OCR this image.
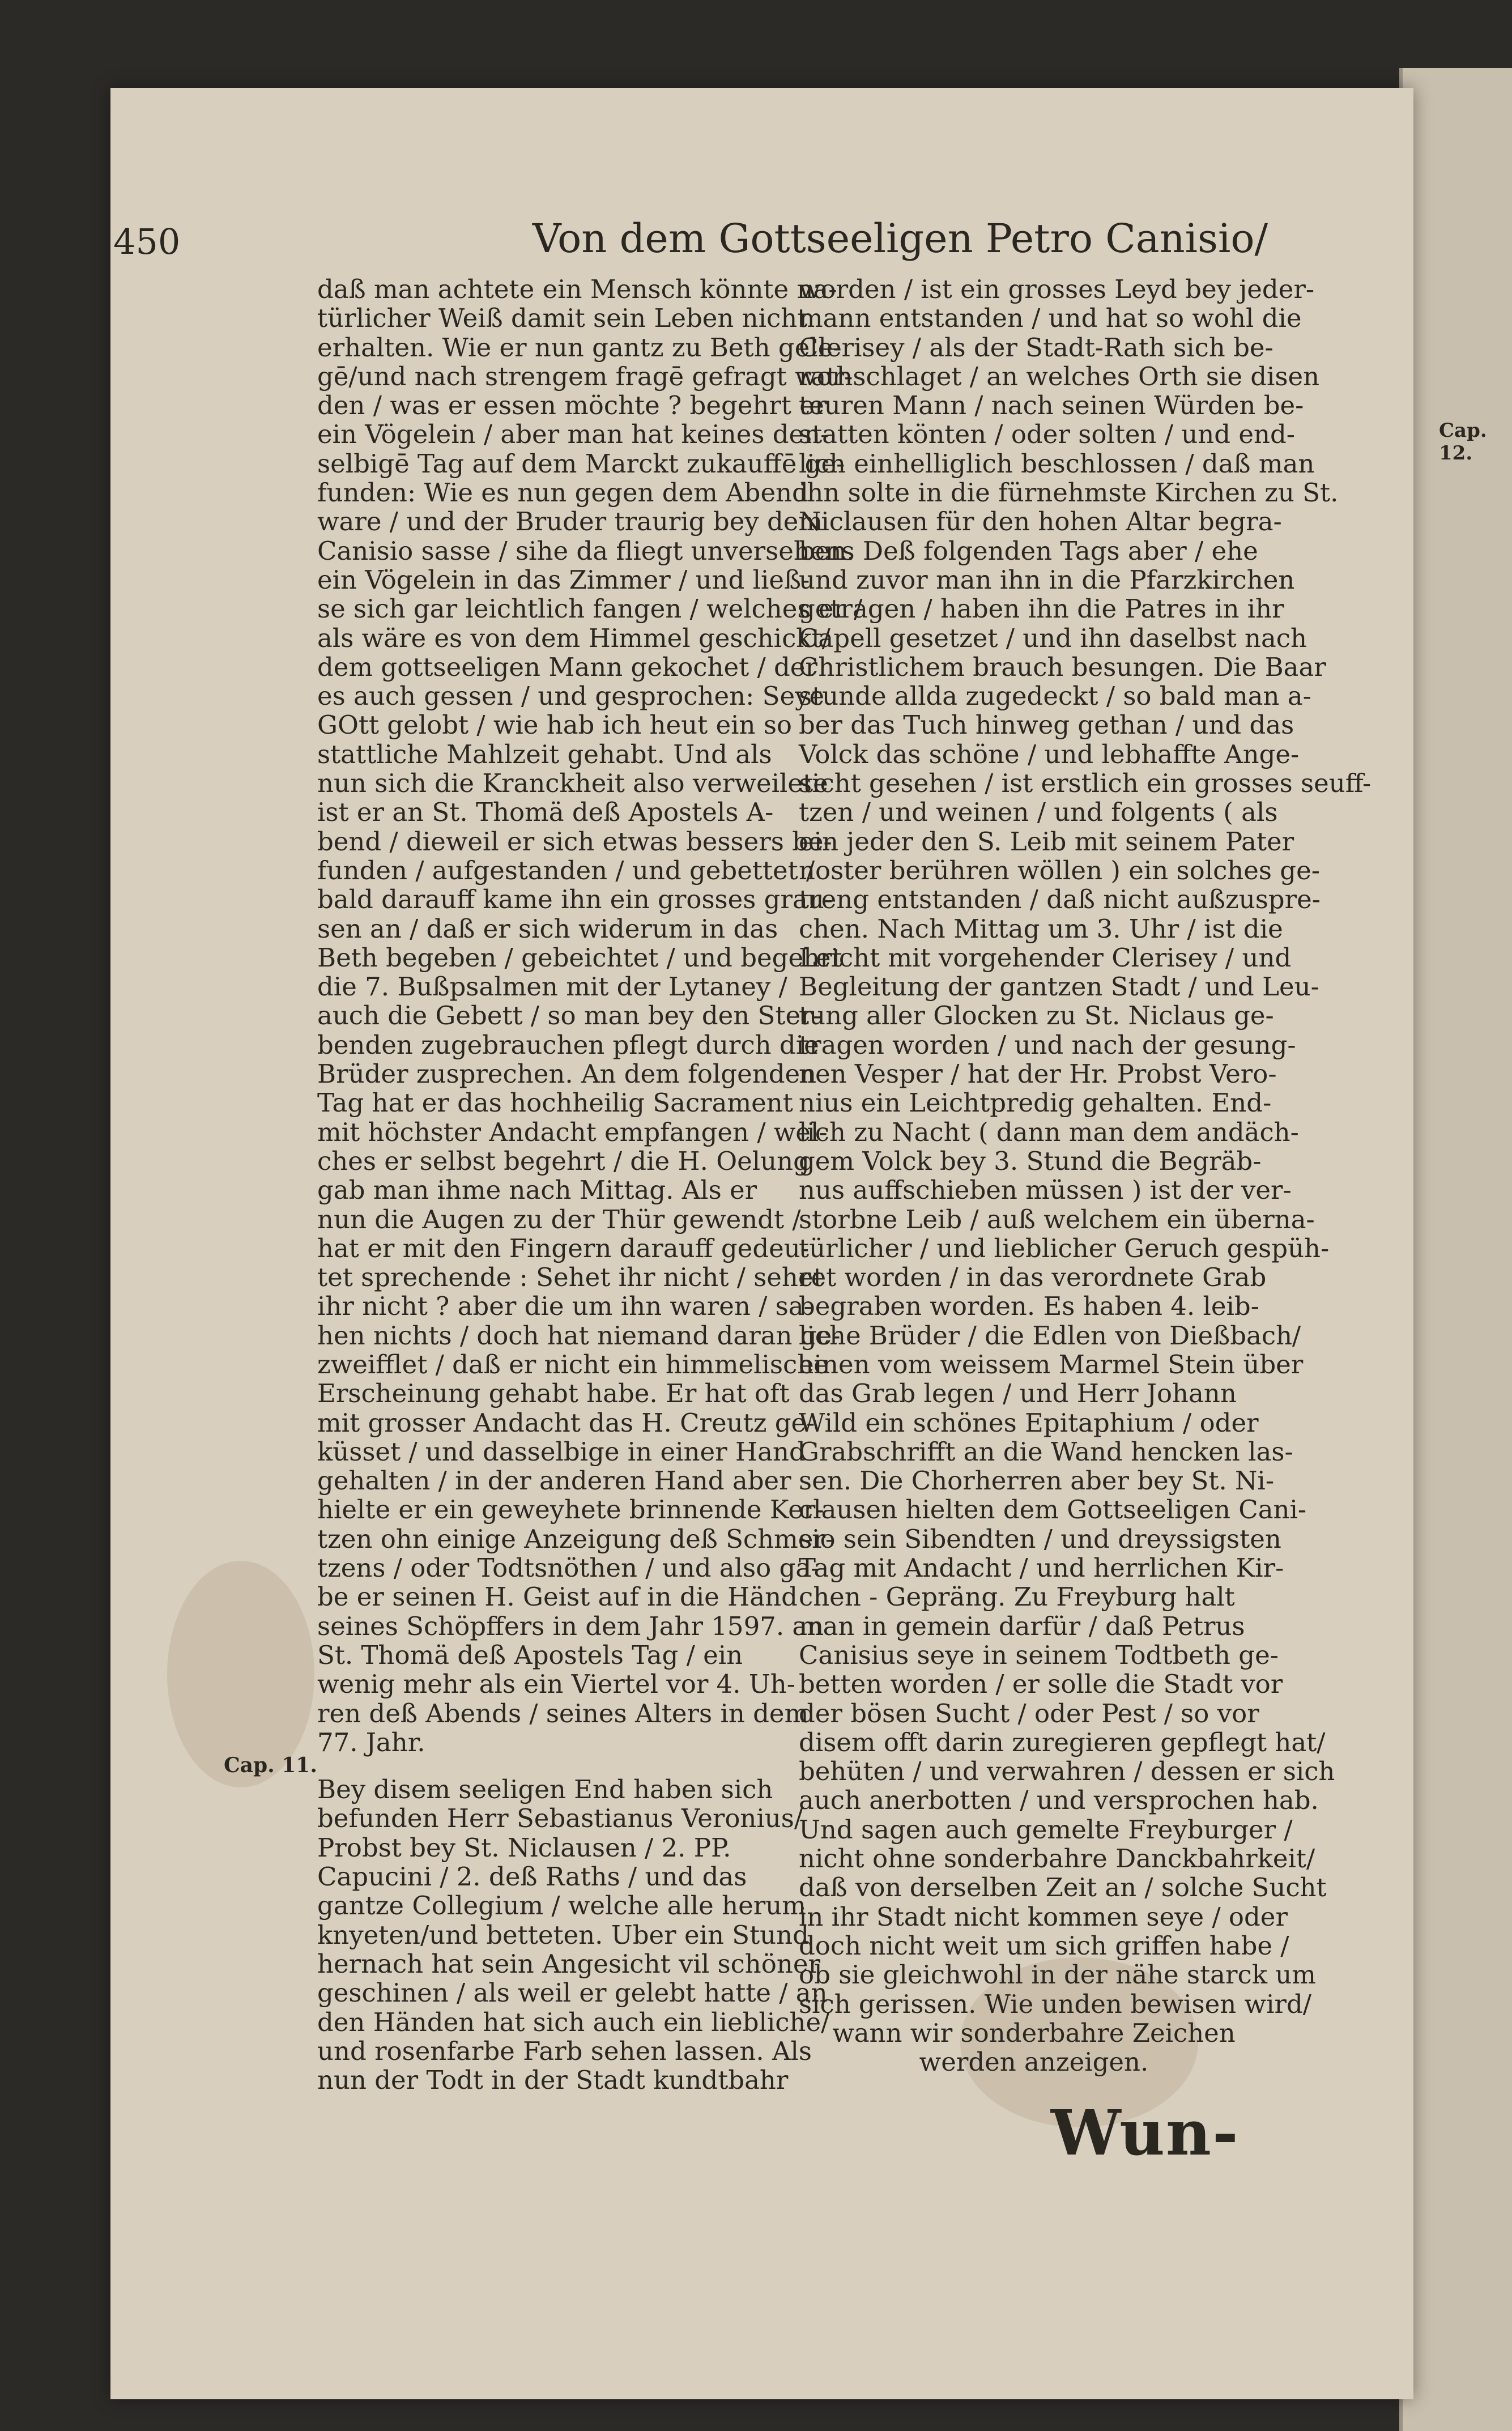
Cap. 12.
450	Von dem Gottseeligen Petro Canisio/
daß man achtete ein Mensch könnte na-
türlicher Weiß damit sein Leben nicht
erhalten. Wie er nun gantz zu Beth gele-
gē/und nach strengem fragē gefragt wor-
den / was er essen möchte ? begehrt er
ein Vögelein / aber man hat keines den-
selbigē Tag auf dem Marckt zukauffē ge-
funden: Wie es nun gegen dem Abend
ware / und der Bruder traurig bey dem
Canisio sasse / sihe da fliegt unversehens
ein Vögelein in das Zimmer / und ließ-
se sich gar leichtlich fangen / welches er /
als wäre es von dem Himmel geschickt/
dem gottseeligen Mann gekochet / der
es auch gessen / und gesprochen: Seye
GOtt gelobt / wie hab ich heut ein so
stattliche Mahlzeit gehabt. Und als
nun sich die Kranckheit also verweilete
ist er an St. Thomä deß Apostels A-
bend / dieweil er sich etwas bessers be-
funden / aufgestanden / und gebettet /
bald darauff kame ihn ein grosses grau-
sen an / daß er sich widerum in das
Beth begeben / gebeichtet / und begehrt
die 7. Bußpsalmen mit der Lytaney /
auch die Gebett / so man bey den Ster-
benden zugebrauchen pflegt durch die
Brüder zusprechen. An dem folgenden
Tag hat er das hochheilig Sacrament
mit höchster Andacht empfangen / wel-
ches er selbst begehrt / die H. Oelung
gab man ihme nach Mittag. Als er
nun die Augen zu der Thür gewendt /
hat er mit den Fingern darauff gedeu-
tet sprechende : Sehet ihr nicht / sehet
ihr nicht ? aber die um ihn waren / sa-
hen nichts / doch hat niemand daran ge-
zweifflet / daß er nicht ein himmelische
Erscheinung gehabt habe. Er hat oft
mit grosser Andacht das H. Creutz ge-
küsset / und dasselbige in einer Hand
gehalten / in der anderen Hand aber
hielte er ein geweyhete brinnende Ker-
tzen ohn einige Anzeigung deß Schmer-
tzens / oder Todtsnöthen / und also ga-
be er seinen H. Geist auf in die Händ
seines Schöpffers in dem Jahr 1597. an
St. Thomä deß Apostels Tag / ein
wenig mehr als ein Viertel vor 4. Uh-
ren deß Abends / seines Alters in dem
77. Jahr.
Bey disem seeligen End haben sich
befunden Herr Sebastianus Veronius/
Probst bey St. Niclausen / 2. PP.
Capucini / 2. deß Raths / und das
gantze Collegium / welche alle herum
knyeten/und betteten. Uber ein Stund
hernach hat sein Angesicht vil schöner
geschinen / als weil er gelebt hatte / an
den Händen hat sich auch ein liebliche/
und rosenfarbe Farb sehen lassen. Als
nun der Todt in der Stadt kundtbahr
Cap. 11.
worden / ist ein grosses Leyd bey jeder-
mann entstanden / und hat so wohl die
Clerisey / als der Stadt-Rath sich be-
rathschlaget / an welches Orth sie disen
teuren Mann / nach seinen Würden be-
statten könten / oder solten / und end-
lich einhelliglich beschlossen / daß man
ihn solte in die fürnehmste Kirchen zu St.
Niclausen für den hohen Altar begra-
ben. Deß folgenden Tags aber / ehe
und zuvor man ihn in die Pfarzkirchen
getragen / haben ihn die Patres in ihr
Capell gesetzet / und ihn daselbst nach
Christlichem brauch besungen. Die Baar
stunde allda zugedeckt / so bald man a-
ber das Tuch hinweg gethan / und das
Volck das schöne / und lebhaffte Ange-
sicht gesehen / ist erstlich ein grosses seuff-
tzen / und weinen / und folgents ( als
ein jeder den S. Leib mit seinem Pater
noster berühren wöllen ) ein solches ge-
treng entstanden / daß nicht außzuspre-
chen. Nach Mittag um 3. Uhr / ist die
Leicht mit vorgehender Clerisey / und
Begleitung der gantzen Stadt / und Leu-
tung aller Glocken zu St. Niclaus ge-
tragen worden / und nach der gesung-
nen Vesper / hat der Hr. Probst Vero-
nius ein Leichtpredig gehalten. End-
lich zu Nacht ( dann man dem andäch-
gem Volck bey 3. Stund die Begräb-
nus auffschieben müssen ) ist der ver-
storbne Leib / auß welchem ein überna-
türlicher / und lieblicher Geruch gespüh-
ret worden / in das verordnete Grab
begraben worden. Es haben 4. leib-
liche Brüder / die Edlen von Dießbach/
einen vom weissem Marmel Stein über
das Grab legen / und Herr Johann
Wild ein schönes Epitaphium / oder
Grabschrifft an die Wand hencken las-
sen. Die Chorherren aber bey St. Ni-
clausen hielten dem Gottseeligen Cani-
sio sein Sibendten / und dreyssigsten
Tag mit Andacht / und herrlichen Kir-
chen - Gepräng. Zu Freyburg halt
man in gemein darfür / daß Petrus
Canisius seye in seinem Todtbeth ge-
betten worden / er solle die Stadt vor
der bösen Sucht / oder Pest / so vor
disem offt darin zuregieren gepflegt hat/
behüten / und verwahren / dessen er sich
auch anerbotten / und versprochen hab.
Und sagen auch gemelte Freyburger /
nicht ohne sonderbahre Danckbahrkeit/
daß von derselben Zeit an / solche Sucht
in ihr Stadt nicht kommen seye / oder
doch nicht weit um sich griffen habe /
ob sie gleichwohl in der nähe starck um
sich gerissen. Wie unden bewisen wird/
wann wir sonderbahre Zeichen
werden anzeigen.
Wun-
